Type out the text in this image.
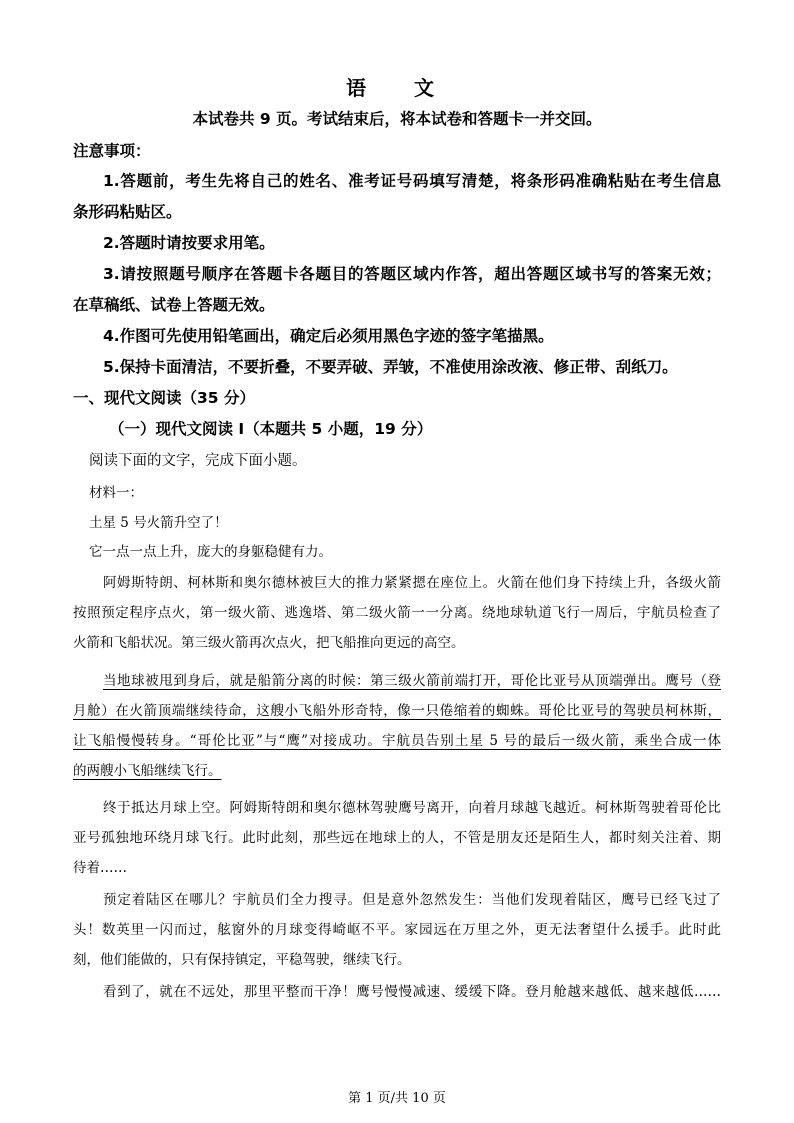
语　文
本试卷共 9 页。考试结束后，将本试卷和答题卡一并交回。
注意事项：
1.答题前，考生先将自己的姓名、准考证号码填写清楚，将条形码准确粘贴在考生信息
条形码粘贴区。
2.答题时请按要求用笔。
3.请按照题号顺序在答题卡各题目的答题区域内作答，超出答题区域书写的答案无效；
在草稿纸、试卷上答题无效。
4.作图可先使用铅笔画出，确定后必须用黑色字迹的签字笔描黑。
5.保持卡面清洁，不要折叠，不要弄破、弄皱，不准使用涂改液、修正带、刮纸刀。
一、现代文阅读（35 分）
（一）现代文阅读 I（本题共 5 小题，19 分）
阅读下面的文字，完成下面小题。
材料一：
土星 5 号火箭升空了！
它一点一点上升，庞大的身躯稳健有力。
阿姆斯特朗、柯林斯和奥尔德林被巨大的推力紧紧摁在座位上。火箭在他们身下持续上升，各级火箭
按照预定程序点火，第一级火箭、逃逸塔、第二级火箭一一分离。绕地球轨道飞行一周后，宇航员检查了
火箭和飞船状况。第三级火箭再次点火，把飞船推向更远的高空。
当地球被甩到身后，就是船箭分离的时候：第三级火箭前端打开，哥伦比亚号从顶端弹出。鹰号（登
月舱）在火箭顶端继续待命，这艘小飞船外形奇特，像一只倦缩着的蜘蛛。哥伦比亚号的驾驶员柯林斯，
让飞船慢慢转身。“哥伦比亚”与“鹰”对接成功。宇航员告别土星 5 号的最后一级火箭，乘坐合成一体
的两艘小飞船继续飞行。
终于抵达月球上空。阿姆斯特朗和奥尔德林驾驶鹰号离开，向着月球越飞越近。柯林斯驾驶着哥伦比
亚号孤独地环绕月球飞行。此时此刻，那些远在地球上的人，不管是朋友还是陌生人，都时刻关注着、期
待着……
预定着陆区在哪儿？宇航员们全力搜寻。但是意外忽然发生：当他们发现着陆区，鹰号已经飞过了
头！数英里一闪而过，舷窗外的月球变得崎岖不平。家园远在万里之外，更无法奢望什么援手。此时此
刻，他们能做的，只有保持镇定，平稳驾驶，继续飞行。
看到了，就在不远处，那里平整而干净！鹰号慢慢减速、缓缓下降。登月舱越来越低、越来越低……
第 1 页/共 10 页
